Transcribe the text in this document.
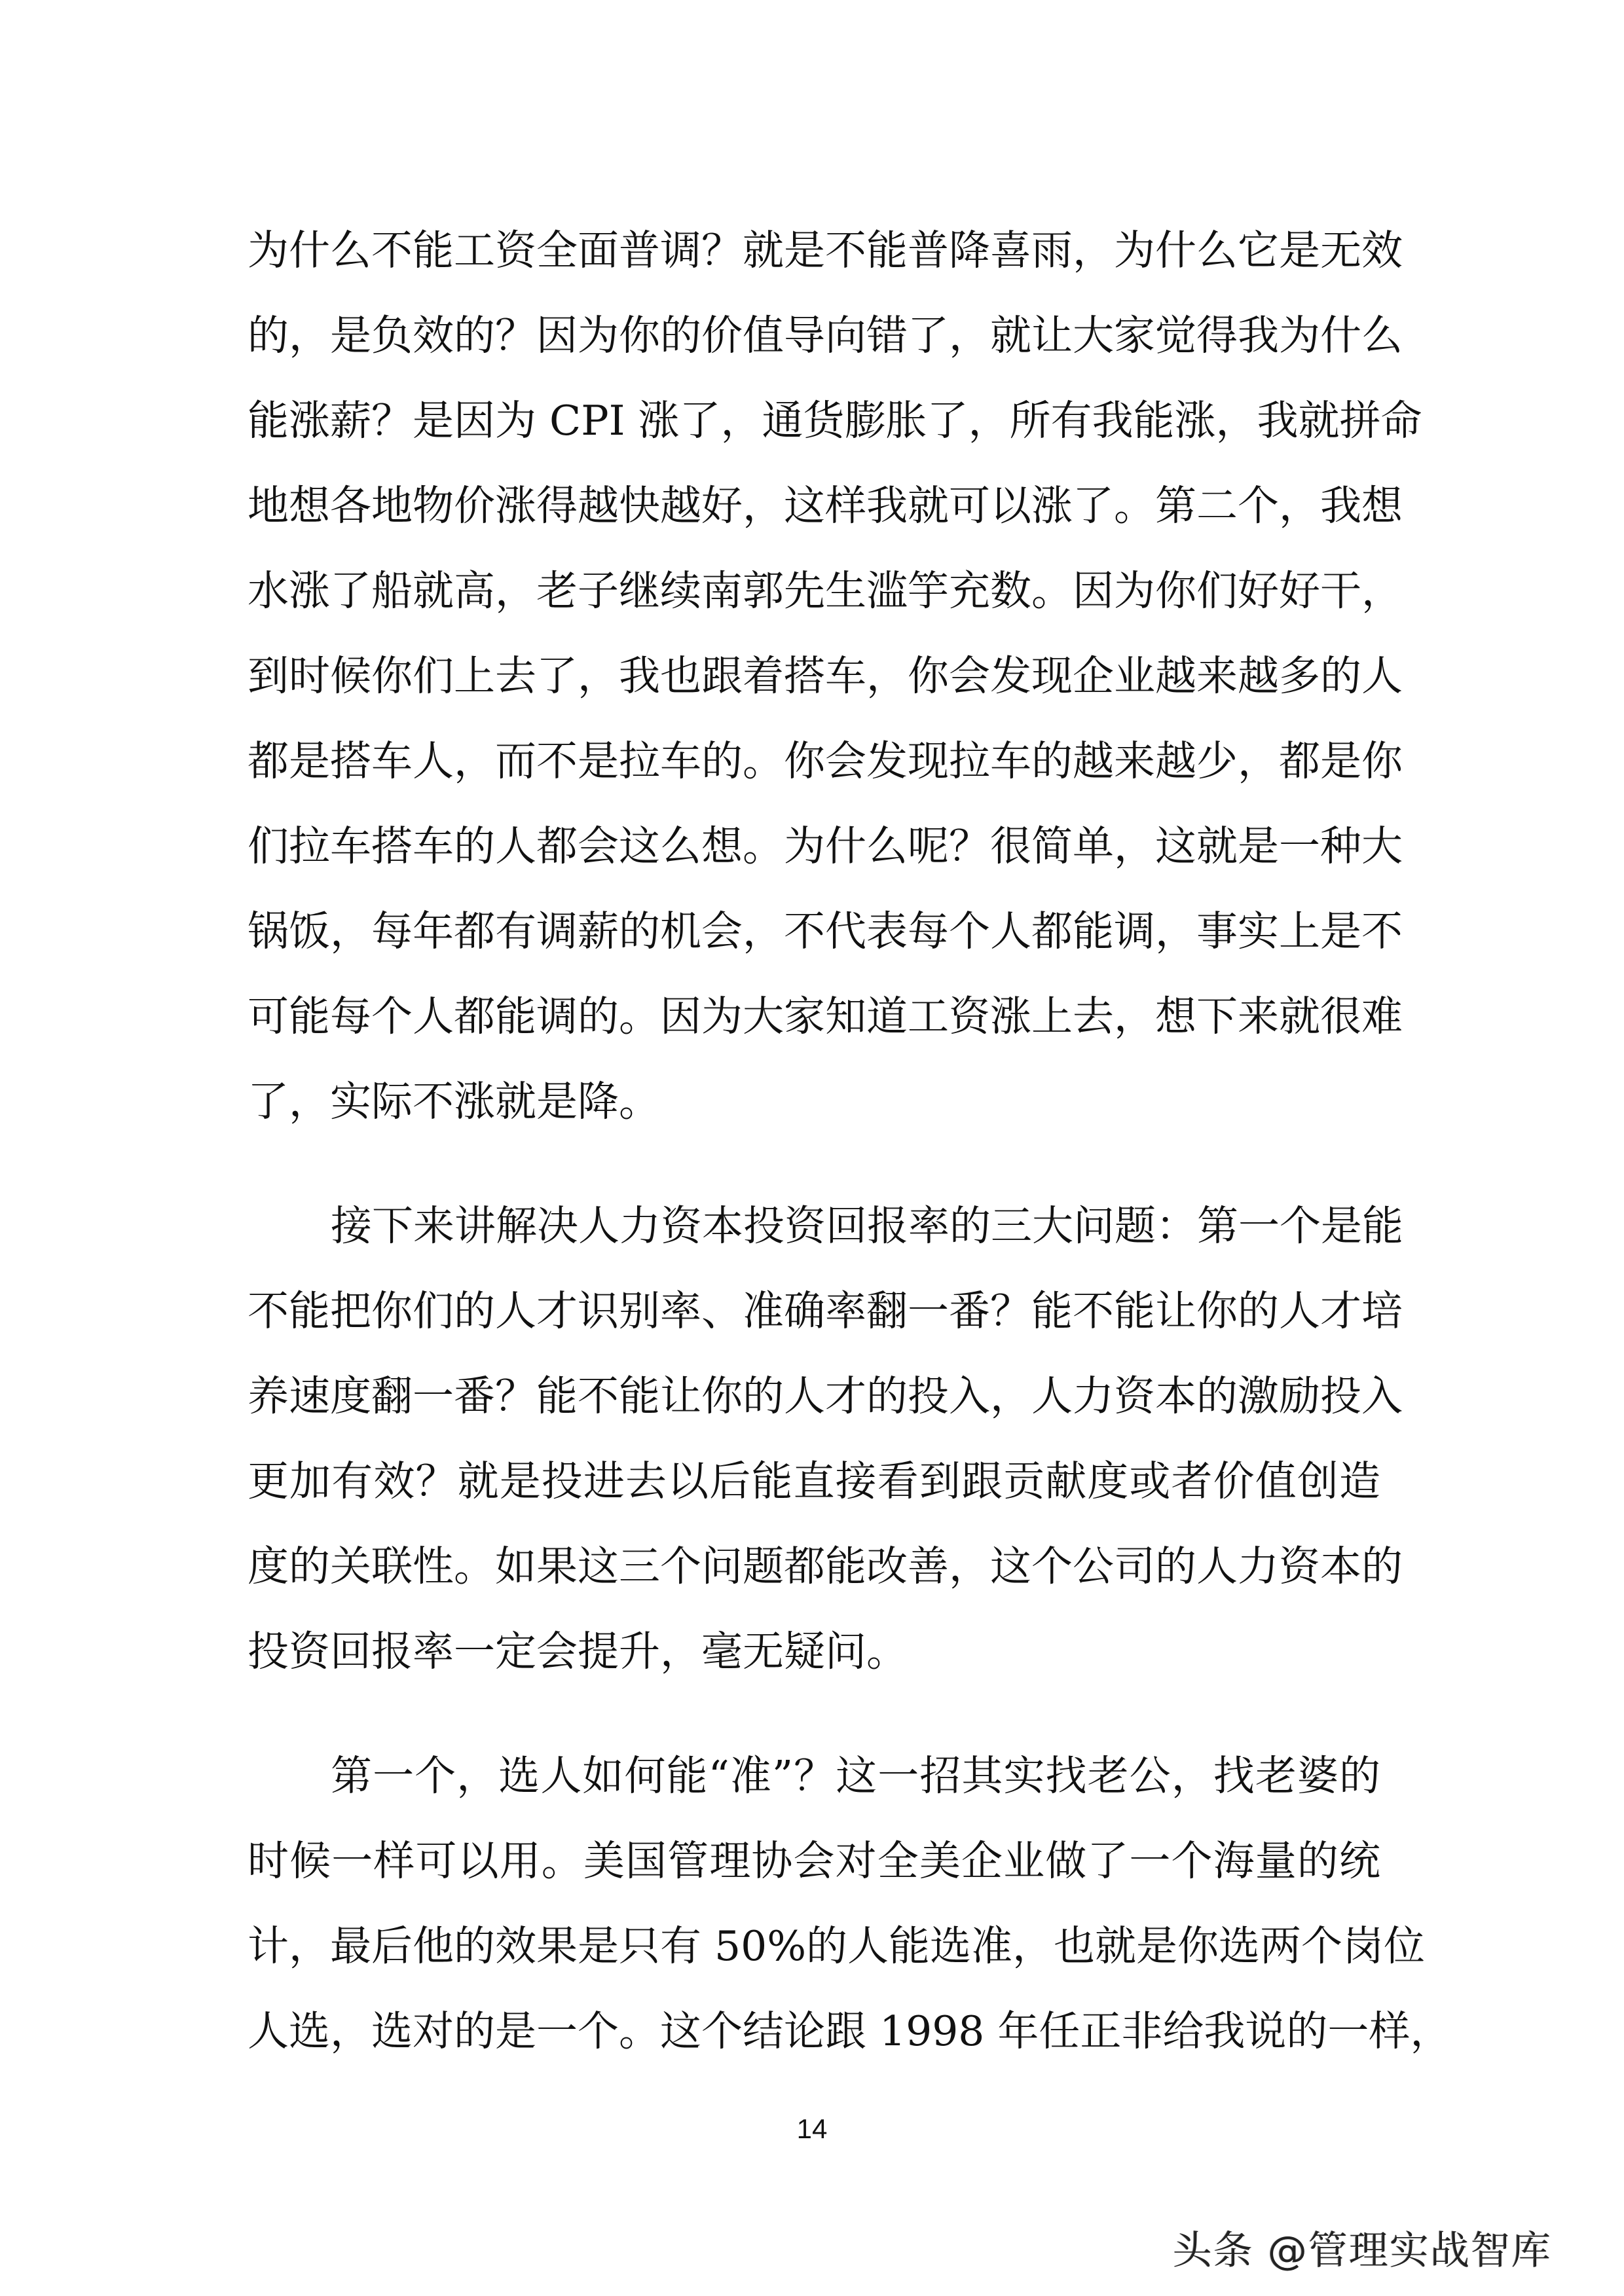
为什么不能工资全面普调？就是不能普降喜雨，为什么它是无效
的，是负效的？因为你的价值导向错了，就让大家觉得我为什么
能涨薪？是因为 CPI 涨了，通货膨胀了，所有我能涨，我就拼命
地想各地物价涨得越快越好，这样我就可以涨了。第二个，我想
水涨了船就高，老子继续南郭先生滥竽充数。因为你们好好干，
到时候你们上去了，我也跟着搭车，你会发现企业越来越多的人
都是搭车人，而不是拉车的。你会发现拉车的越来越少，都是你
们拉车搭车的人都会这么想。为什么呢？很简单，这就是一种大
锅饭，每年都有调薪的机会，不代表每个人都能调，事实上是不
可能每个人都能调的。因为大家知道工资涨上去，想下来就很难
了，实际不涨就是降。
接下来讲解决人力资本投资回报率的三大问题：第一个是能
不能把你们的人才识别率、准确率翻一番？能不能让你的人才培
养速度翻一番？能不能让你的人才的投入，人力资本的激励投入
更加有效？就是投进去以后能直接看到跟贡献度或者价值创造
度的关联性。如果这三个问题都能改善，这个公司的人力资本的
投资回报率一定会提升，毫无疑问。
第一个，选人如何能“准”？这一招其实找老公，找老婆的
时候一样可以用。美国管理协会对全美企业做了一个海量的统
计，最后他的效果是只有 50%的人能选准，也就是你选两个岗位
人选，选对的是一个。这个结论跟 1998 年任正非给我说的一样，
14
头条 @管理实战智库
